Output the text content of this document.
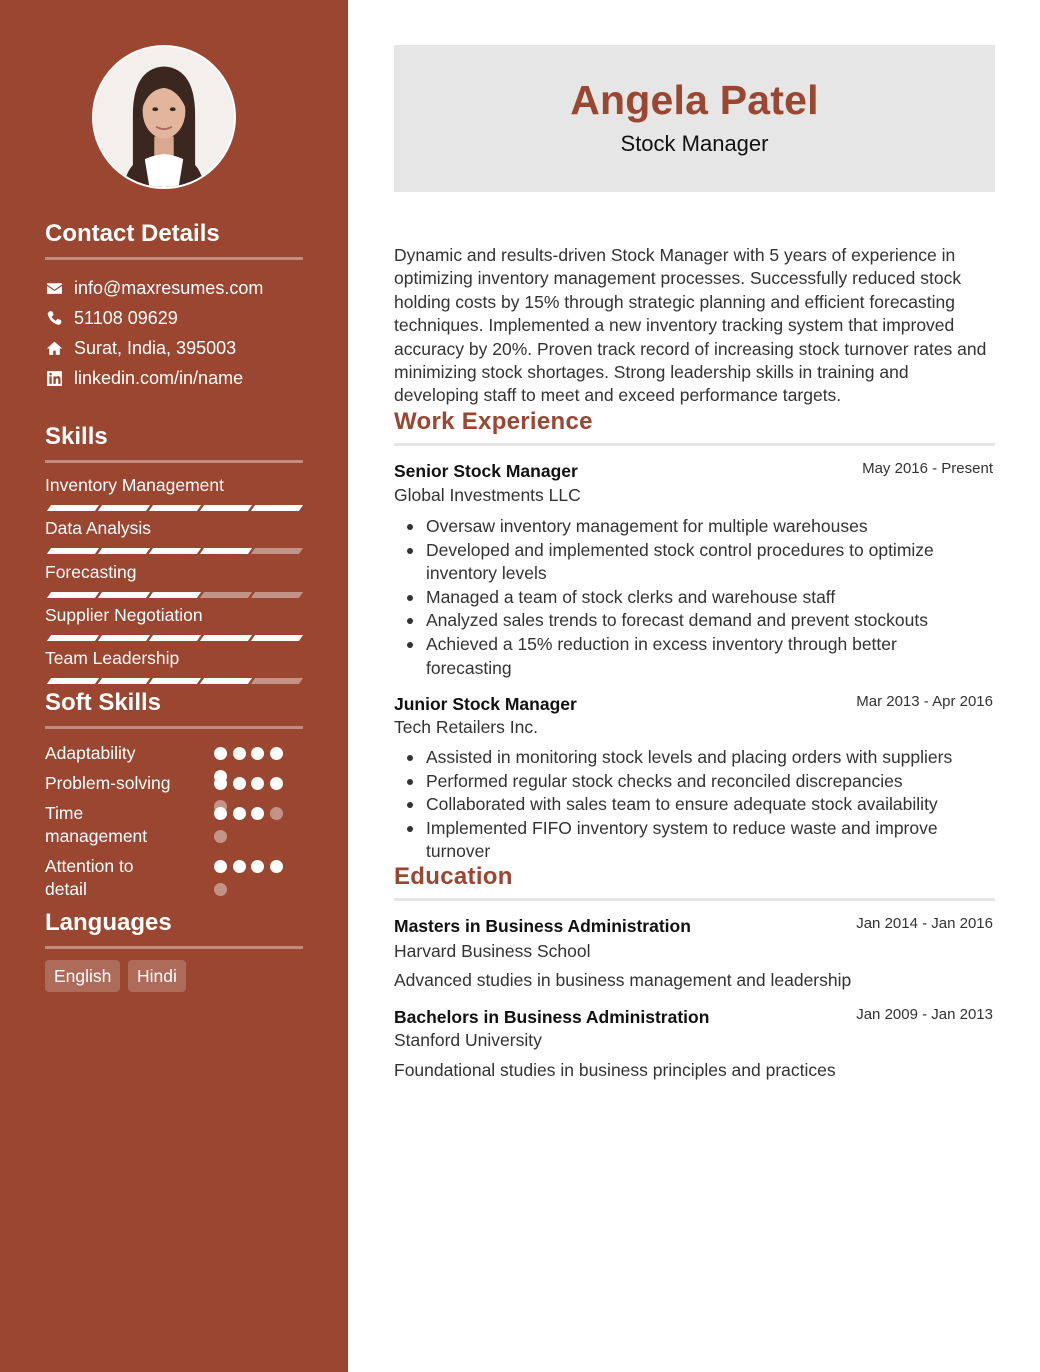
Contact Details
info@maxresumes.com
51108 09629
Surat, India, 395003
linkedin.com/in/name
Skills
Inventory Management
Data Analysis
Forecasting
Supplier Negotiation
Team Leadership
Soft Skills
Adaptability
Problem-solving
Time management
Attention to detail
Languages
English	Hindi
Angela Patel
Stock Manager

Dynamic and results-driven Stock Manager with 5 years of experience in optimizing inventory management processes. Successfully reduced stock holding costs by 15% through strategic planning and efficient forecasting techniques. Implemented a new inventory tracking system that improved accuracy by 20%. Proven track record of increasing stock turnover rates and minimizing stock shortages. Strong leadership skills in training and developing staff to meet and exceed performance targets.

Work Experience
Senior Stock Manager	May 2016 - Present
Global Investments LLC
Oversaw inventory management for multiple warehouses
Developed and implemented stock control procedures to optimize inventory levels
Managed a team of stock clerks and warehouse staff
Analyzed sales trends to forecast demand and prevent stockouts
Achieved a 15% reduction in excess inventory through better forecasting
Junior Stock Manager	Mar 2013 - Apr 2016
Tech Retailers Inc.
Assisted in monitoring stock levels and placing orders with suppliers
Performed regular stock checks and reconciled discrepancies
Collaborated with sales team to ensure adequate stock availability
Implemented FIFO inventory system to reduce waste and improve turnover
Education
Masters in Business Administration	Jan 2014 - Jan 2016
Harvard Business School
Advanced studies in business management and leadership
Bachelors in Business Administration	Jan 2009 - Jan 2013
Stanford University
Foundational studies in business principles and practices
